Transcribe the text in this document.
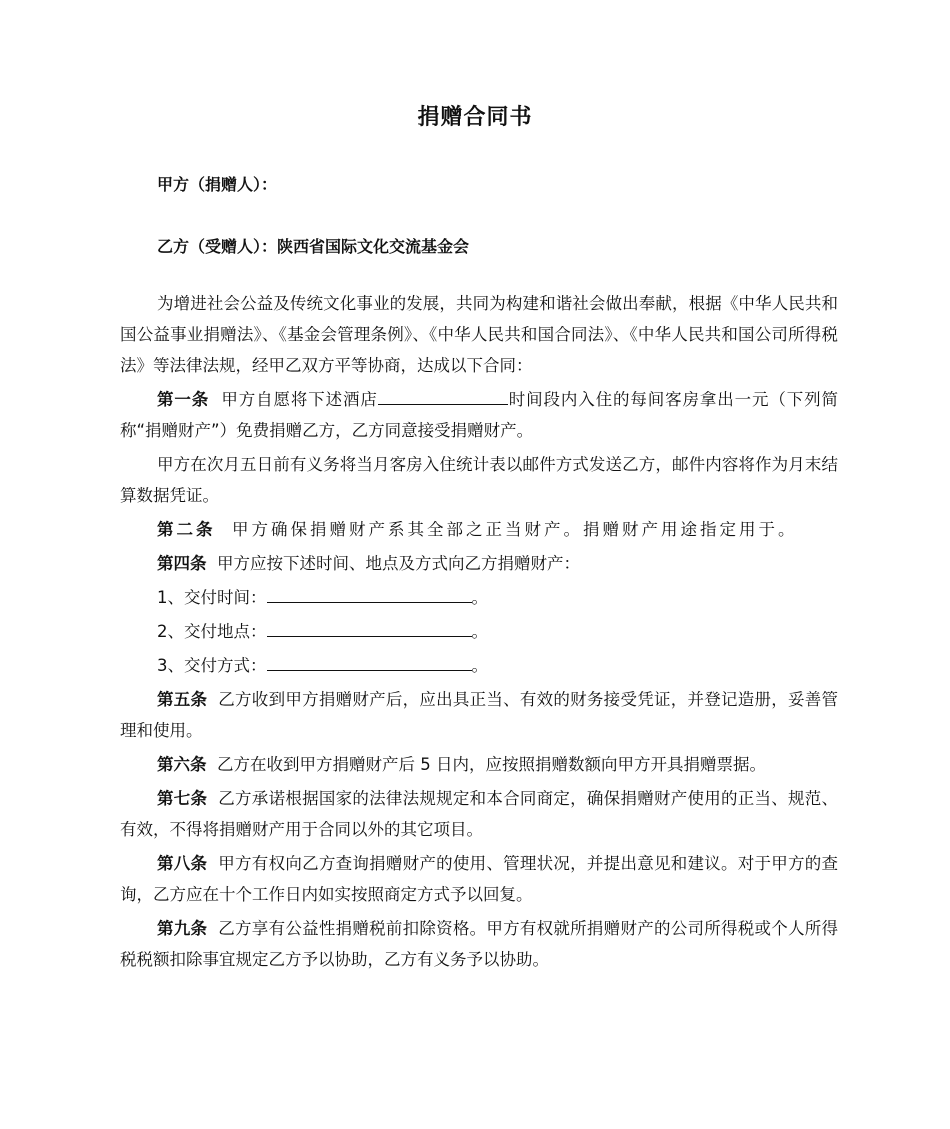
捐赠合同书
甲方（捐赠人）：
乙方（受赠人）：陕西省国际文化交流基金会

为增进社会公益及传统文化事业的发展，共同为构建和谐社会做出奉献，根据《中华人民共和国公益事业捐赠法》、《基金会管理条例》、《中华人民共和国合同法》、《中华人民共和国公司所得税法》等法律法规，经甲乙双方平等协商，达成以下合同：

第一条 甲方自愿将下述酒店	时间段内入住的每间客房拿出一元（下列简称“捐赠财产”）免费捐赠乙方，乙方同意接受捐赠财产。

甲方在次月五日前有义务将当月客房入住统计表以邮件方式发送乙方，邮件内容将作为月末结算数据凭证。

第二条 甲方确保捐赠财产系其全部之正当财产。捐赠财产用途指定用于。

第四条 甲方应按下述时间、地点及方式向乙方捐赠财产：

1、交付时间：	。

2、交付地点：	。

3、交付方式：	。

第五条 乙方收到甲方捐赠财产后，应出具正当、有效的财务接受凭证，并登记造册，妥善管理和使用。

第六条 乙方在收到甲方捐赠财产后 5 日内，应按照捐赠数额向甲方开具捐赠票据。

第七条 乙方承诺根据国家的法律法规规定和本合同商定，确保捐赠财产使用的正当、规范、有效，不得将捐赠财产用于合同以外的其它项目。

第八条 甲方有权向乙方查询捐赠财产的使用、管理状况，并提出意见和建议。对于甲方的查询，乙方应在十个工作日内如实按照商定方式予以回复。

第九条 乙方享有公益性捐赠税前扣除资格。甲方有权就所捐赠财产的公司所得税或个人所得税税额扣除事宜规定乙方予以协助，乙方有义务予以协助。
